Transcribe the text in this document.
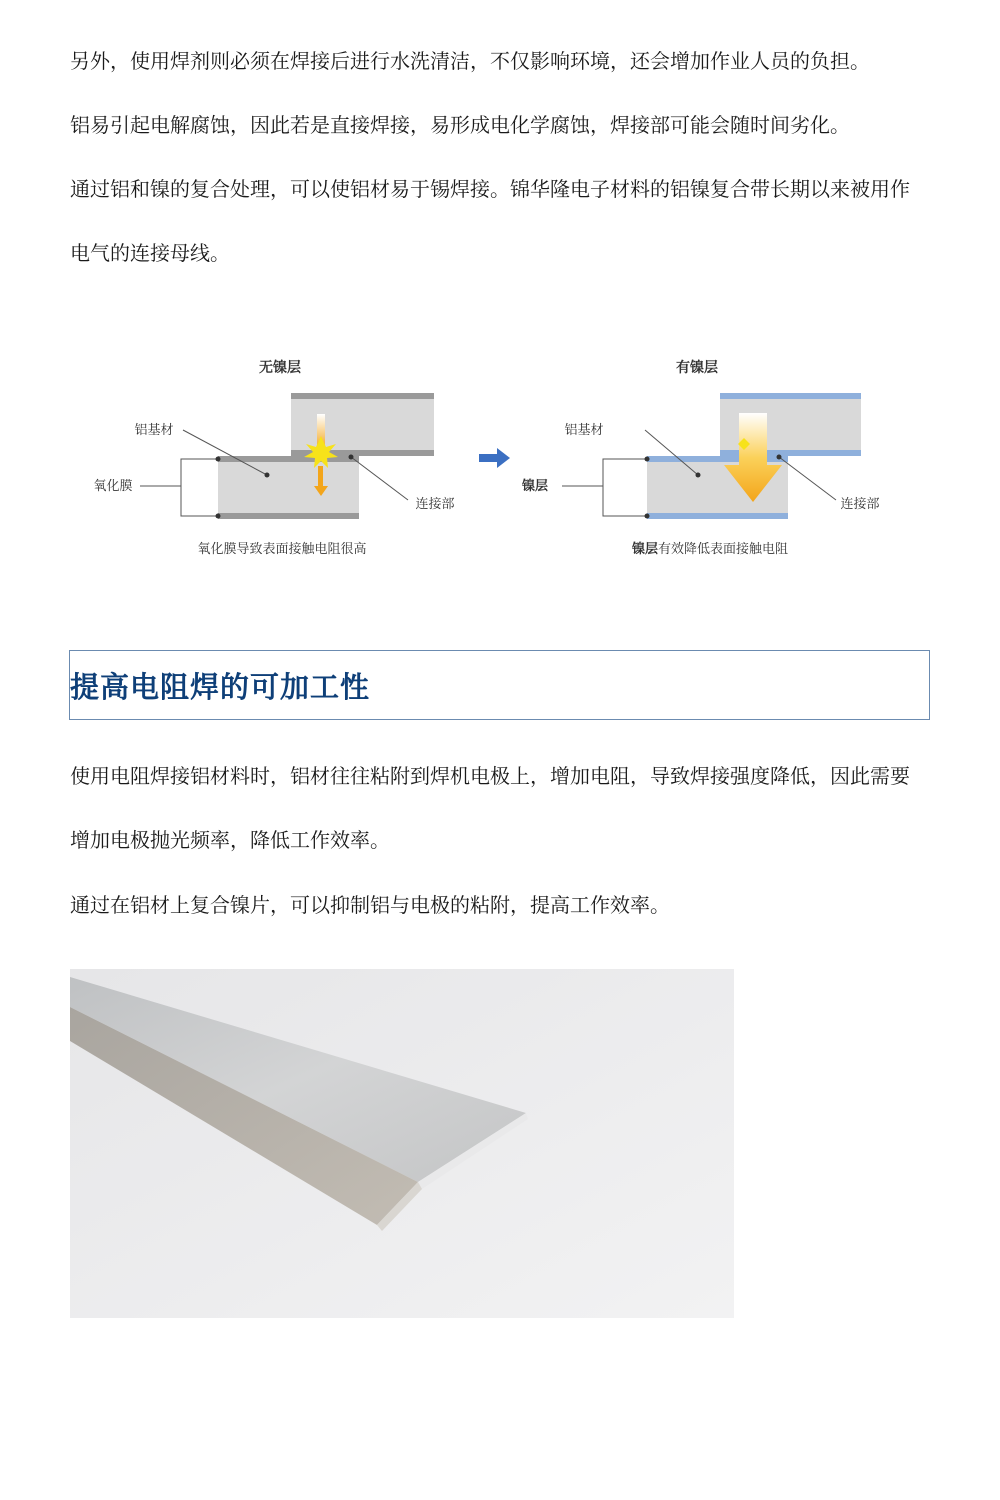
另外，使用焊剂则必须在焊接后进行水洗清洁，不仅影响环境，还会增加作业人员的负担。

铝易引起电解腐蚀，因此若是直接焊接，易形成电化学腐蚀，焊接部可能会随时间劣化。

通过铝和镍的复合处理，可以使铝材易于锡焊接。锦华隆电子材料的铝镍复合带长期以来被用作

电气的连接母线。

无镍层
铝基材
氧化膜
连接部
氧化膜导致表面接触电阻很高
有镍层
铝基材
镍层
连接部
镍层有效降低表面接触电阻
提高电阻焊的可加工性

使用电阻焊接铝材料时，铝材往往粘附到焊机电极上，增加电阻，导致焊接强度降低，因此需要

增加电极抛光频率，降低工作效率。

通过在铝材上复合镍片，可以抑制铝与电极的粘附，提高工作效率。
